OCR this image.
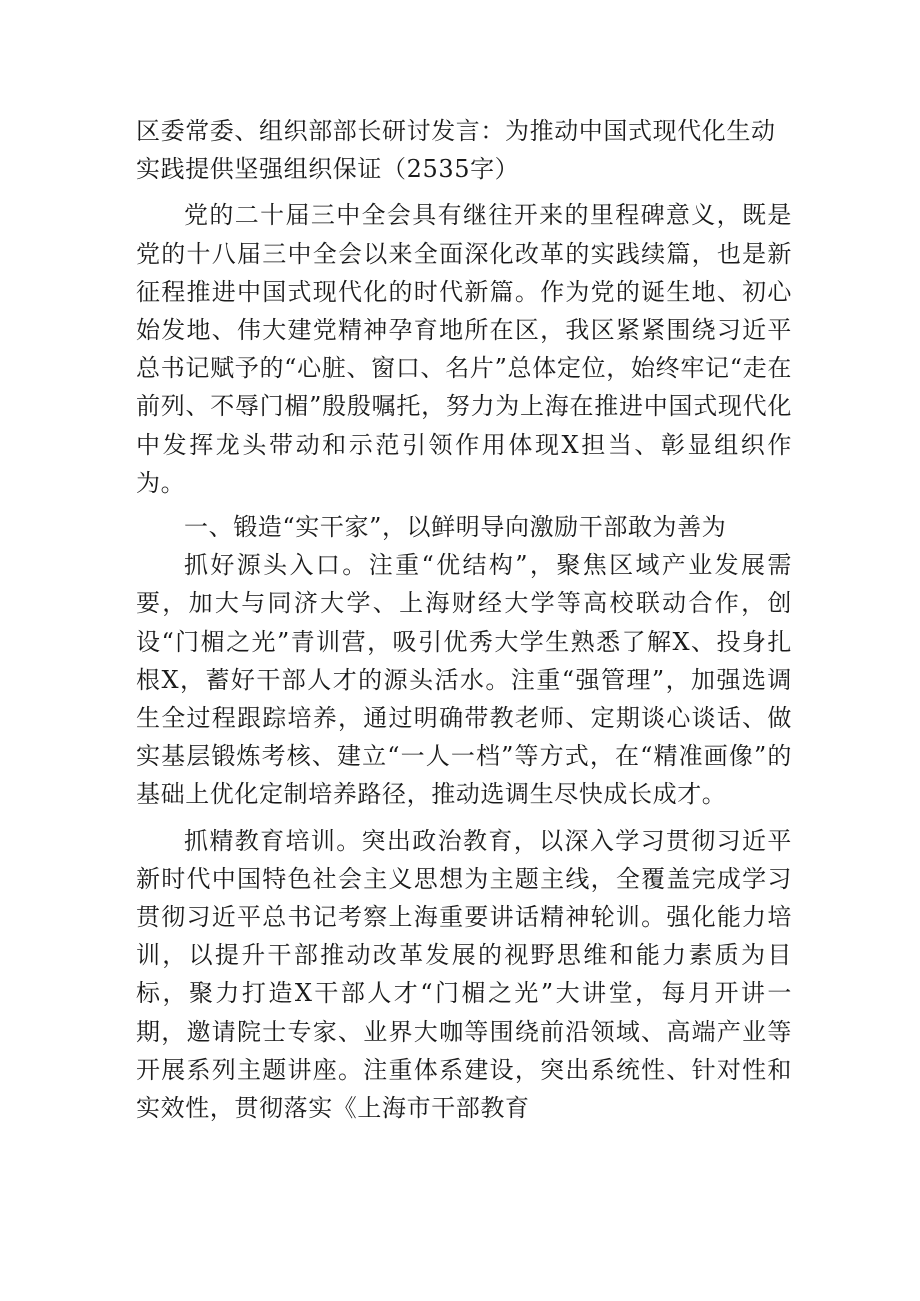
区委常委、组织部部长研讨发言：为推动中国式现代化生动实践提供坚强组织保证（2535字）

党的二十届三中全会具有继往开来的里程碑意义，既是党的十八届三中全会以来全面深化改革的实践续篇，也是新征程推进中国式现代化的时代新篇。作为党的诞生地、初心始发地、伟大建党精神孕育地所在区，我区紧紧围绕习近平总书记赋予的“心脏、窗口、名片”总体定位，始终牢记“走在前列、不辱门楣”殷殷嘱托，努力为上海在推进中国式现代化中发挥龙头带动和示范引领作用体现X担当、彰显组织作为。

一、锻造“实干家”，以鲜明导向激励干部敢为善为

抓好源头入口。注重“优结构”，聚焦区域产业发展需要，加大与同济大学、上海财经大学等高校联动合作，创设“门楣之光”青训营，吸引优秀大学生熟悉了解X、投身扎根X，蓄好干部人才的源头活水。注重“强管理”，加强选调生全过程跟踪培养，通过明确带教老师、定期谈心谈话、做实基层锻炼考核、建立“一人一档”等方式，在“精准画像”的基础上优化定制培养路径，推动选调生尽快成长成才。

抓精教育培训。突出政治教育，以深入学习贯彻习近平新时代中国特色社会主义思想为主题主线，全覆盖完成学习贯彻习近平总书记考察上海重要讲话精神轮训。强化能力培训，以提升干部推动改革发展的视野思维和能力素质为目标，聚力打造X干部人才“门楣之光”大讲堂，每月开讲一期，邀请院士专家、业界大咖等围绕前沿领域、高端产业等开展系列主题讲座。注重体系建设，突出系统性、针对性和实效性，贯彻落实《上海市干部教育
